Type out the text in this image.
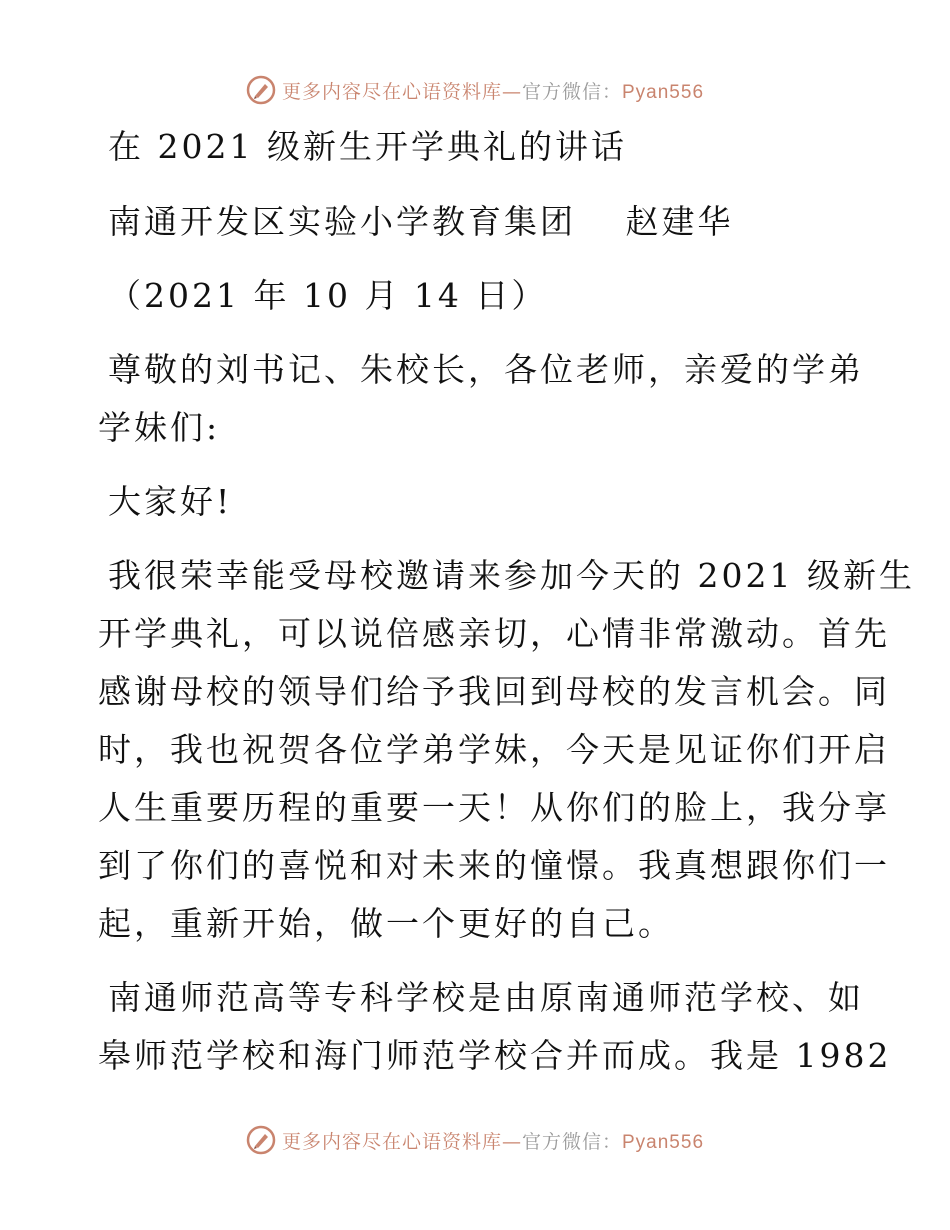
更多内容尽在心语资料库—官方微信：Pyan556
在 2021 级新生开学典礼的讲话
南通开发区实验小学教育集团　 赵建华
（2021 年 10 月 14 日）
尊敬的刘书记、朱校长，各位老师，亲爱的学弟
学妹们:
大家好!
我很荣幸能受母校邀请来参加今天的 2021 级新生
开学典礼，可以说倍感亲切，心情非常激动。首先
感谢母校的领导们给予我回到母校的发言机会。同
时，我也祝贺各位学弟学妹，今天是见证你们开启
人生重要历程的重要一天！从你们的脸上，我分享
到了你们的喜悦和对未来的憧憬。我真想跟你们一
起，重新开始，做一个更好的自己。
南通师范高等专科学校是由原南通师范学校、如
皋师范学校和海门师范学校合并而成。我是 1982
更多内容尽在心语资料库—官方微信：Pyan556
